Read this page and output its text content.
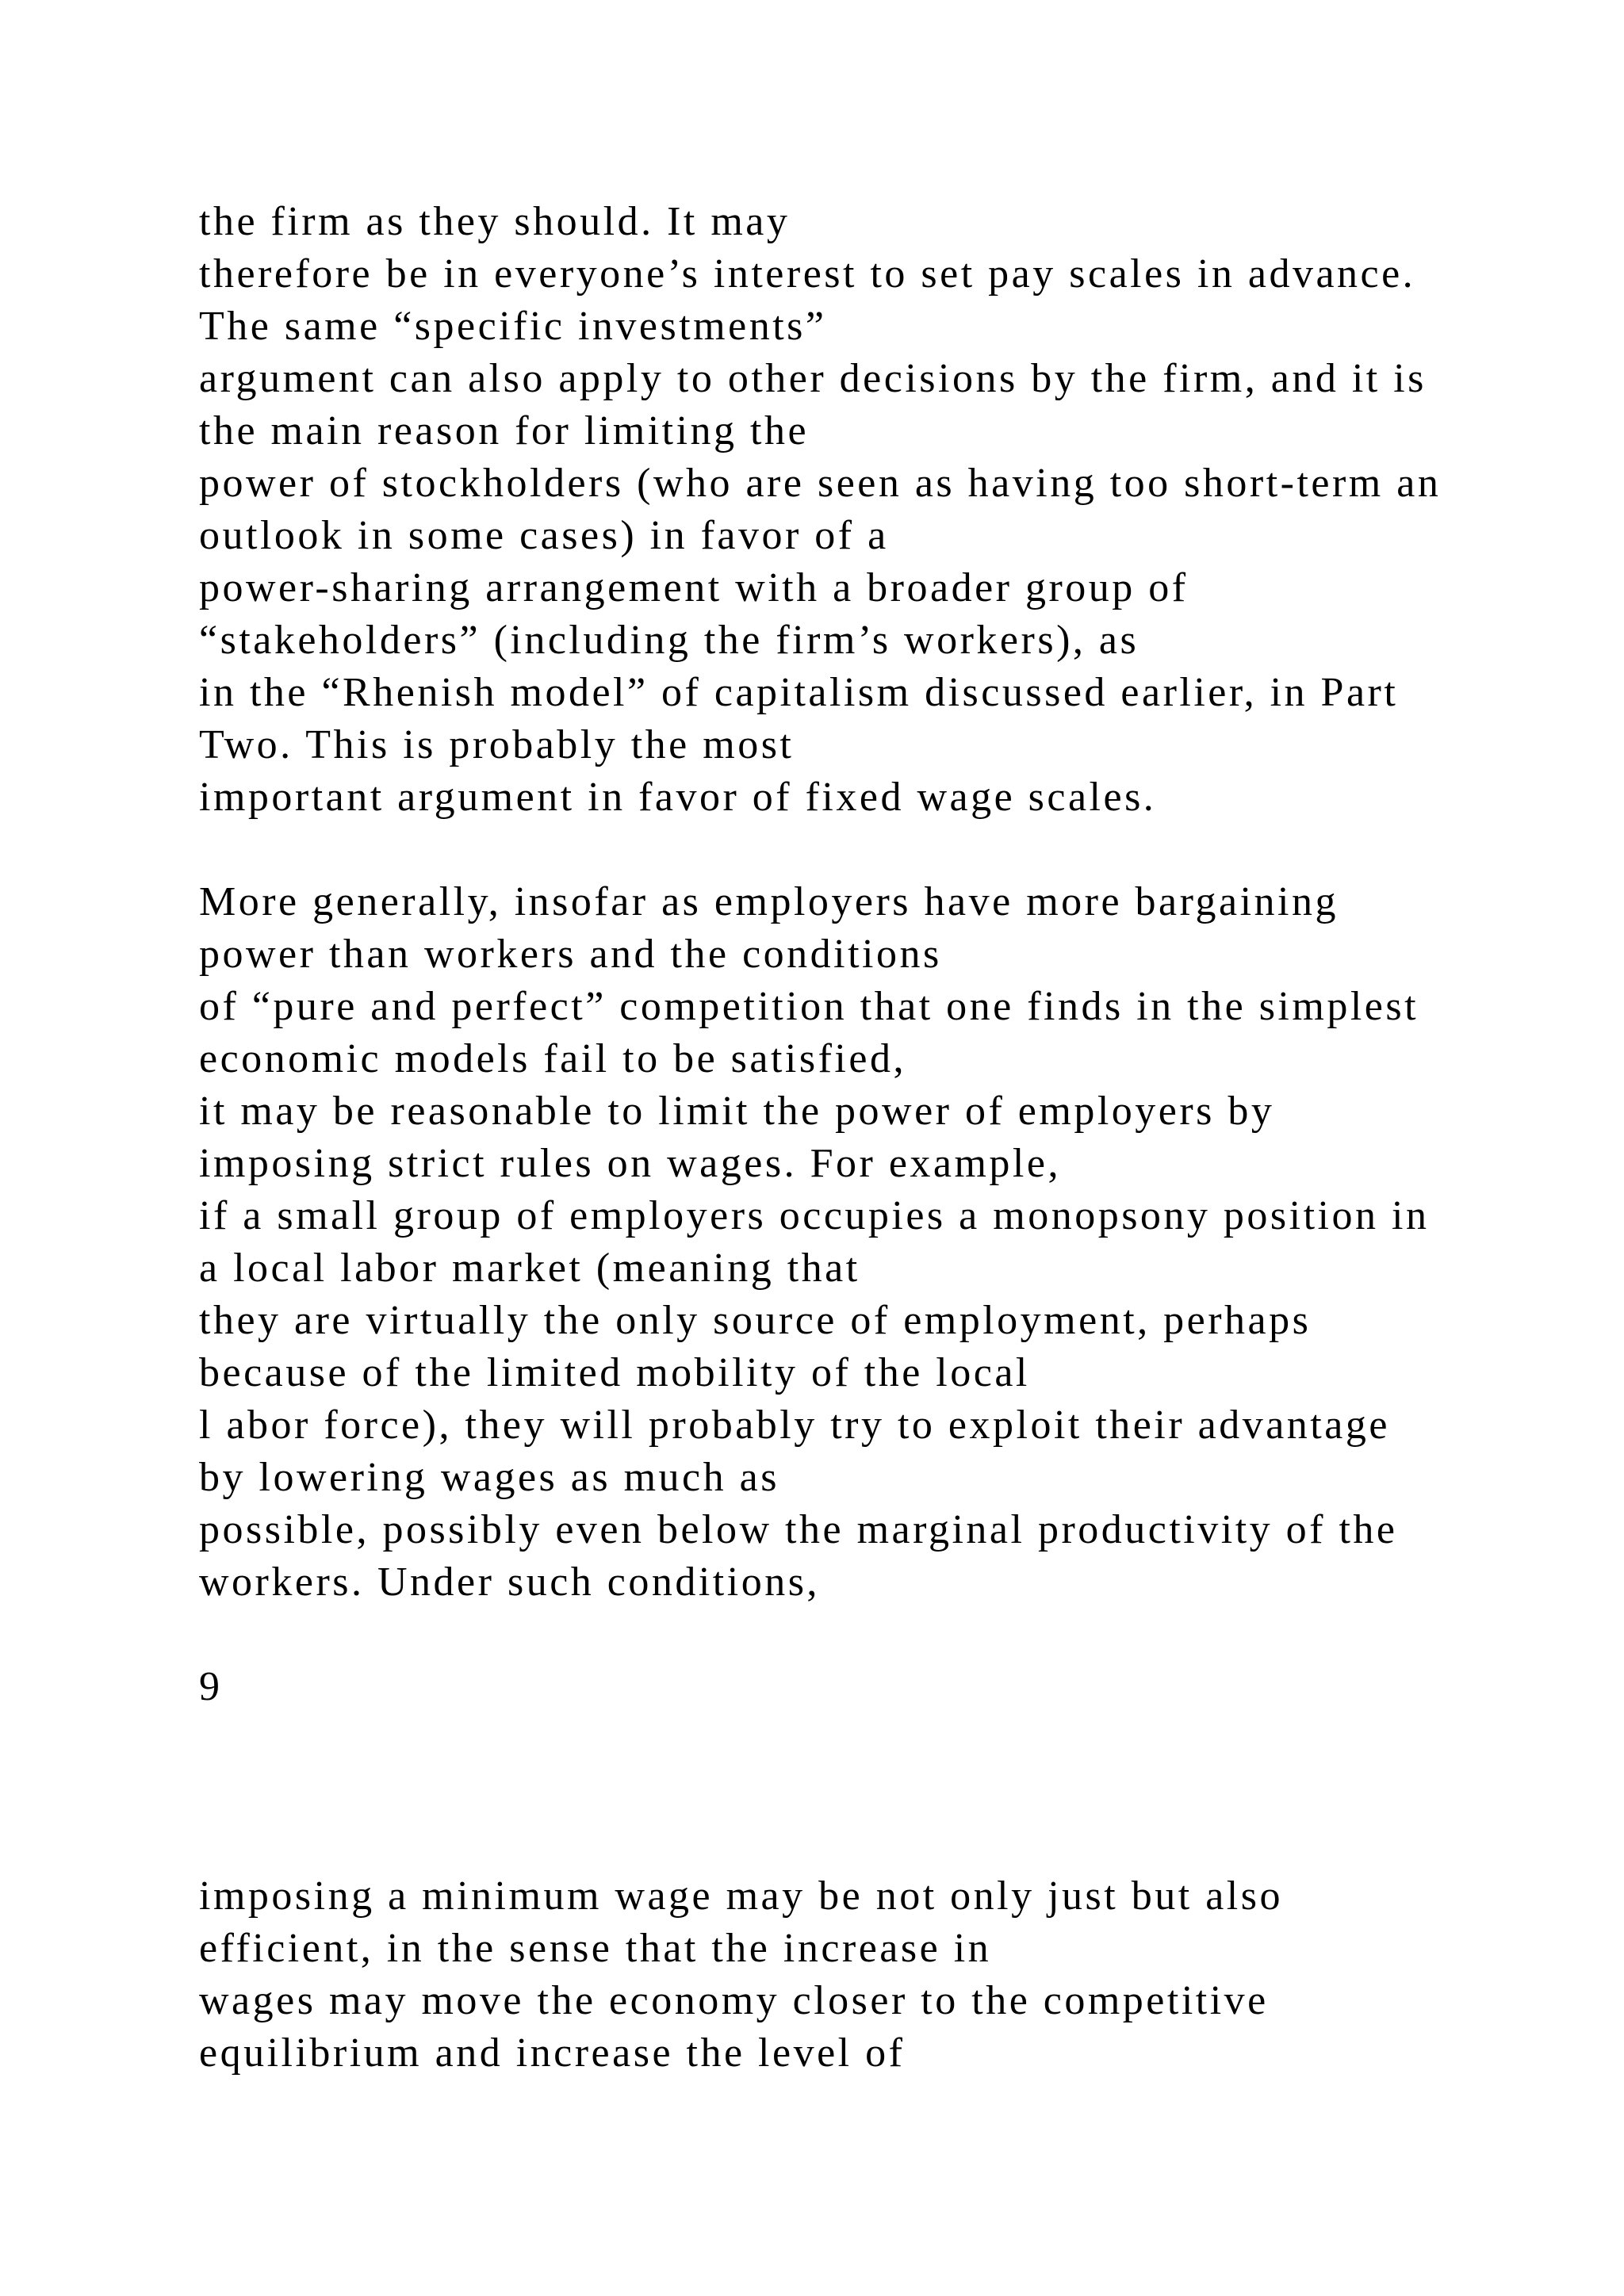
the firm as they should. It may
therefore be in everyone’s interest to set pay scales in advance.
The same “specific investments”
argument can also apply to other decisions by the firm, and it is
the main reason for limiting the
power of stockholders (who are seen as having too short-term an
outlook in some cases) in favor of a
power-sharing arrangement with a broader group of
“stakeholders” (including the firm’s workers), as
in the “Rhenish model” of capitalism discussed earlier, in Part
Two. This is probably the most
important argument in favor of fixed wage scales.
More generally, insofar as employers have more bargaining
power than workers and the conditions
of “pure and perfect” competition that one finds in the simplest
economic models fail to be satisfied,
it may be reasonable to limit the power of employers by
imposing strict rules on wages. For example,
if a small group of employers occupies a monopsony position in
a local labor market (meaning that
they are virtually the only source of employment, perhaps
because of the limited mobility of the local
l abor force), they will probably try to exploit their advantage
by lowering wages as much as
possible, possibly even below the marginal productivity of the
workers. Under such conditions,
9
imposing a minimum wage may be not only just but also
efficient, in the sense that the increase in
wages may move the economy closer to the competitive
equilibrium and increase the level of
